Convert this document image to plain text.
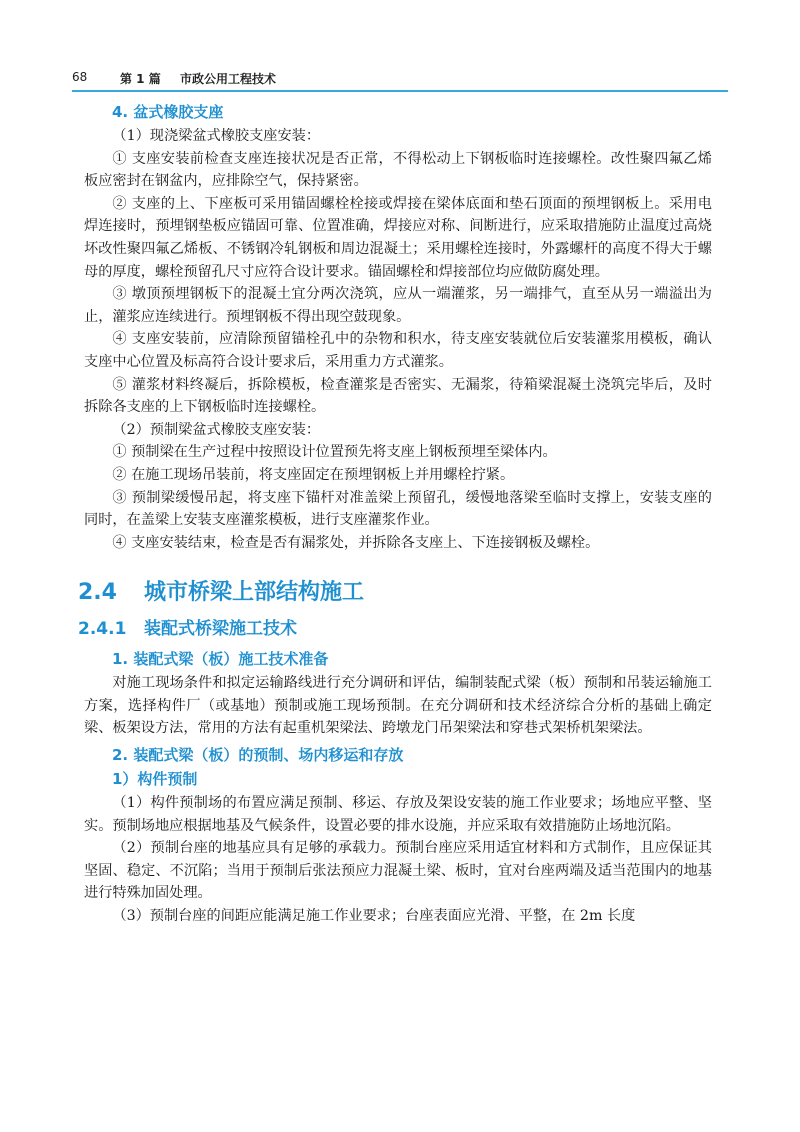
68	第 1 篇 市政公用工程技术
4. 盆式橡胶支座

（1）现浇梁盆式橡胶支座安装：

① 支座安装前检查支座连接状况是否正常，不得松动上下钢板临时连接螺栓。改性聚四氟乙烯板应密封在钢盆内，应排除空气，保持紧密。

② 支座的上、下座板可采用锚固螺栓栓接或焊接在梁体底面和垫石顶面的预埋钢板上。采用电焊连接时，预埋钢垫板应锚固可靠、位置准确，焊接应对称、间断进行，应采取措施防止温度过高烧坏改性聚四氟乙烯板、不锈钢冷轧钢板和周边混凝土；采用螺栓连接时，外露螺杆的高度不得大于螺母的厚度，螺栓预留孔尺寸应符合设计要求。锚固螺栓和焊接部位均应做防腐处理。

③ 墩顶预埋钢板下的混凝土宜分两次浇筑，应从一端灌浆，另一端排气，直至从另一端溢出为止，灌浆应连续进行。预埋钢板不得出现空鼓现象。

④ 支座安装前，应清除预留锚栓孔中的杂物和积水，待支座安装就位后安装灌浆用模板，确认支座中心位置及标高符合设计要求后，采用重力方式灌浆。

⑤ 灌浆材料终凝后，拆除模板，检查灌浆是否密实、无漏浆，待箱梁混凝土浇筑完毕后，及时拆除各支座的上下钢板临时连接螺栓。

（2）预制梁盆式橡胶支座安装：

① 预制梁在生产过程中按照设计位置预先将支座上钢板预埋至梁体内。

② 在施工现场吊装前，将支座固定在预埋钢板上并用螺栓拧紧。

③ 预制梁缓慢吊起，将支座下锚杆对准盖梁上预留孔，缓慢地落梁至临时支撑上，安装支座的同时，在盖梁上安装支座灌浆模板，进行支座灌浆作业。

④ 支座安装结束，检查是否有漏浆处，并拆除各支座上、下连接钢板及螺栓。

2.4 城市桥梁上部结构施工
2.4.1 装配式桥梁施工技术
1. 装配式梁（板）施工技术准备

对施工现场条件和拟定运输路线进行充分调研和评估，编制装配式梁（板）预制和吊装运输施工方案，选择构件厂（或基地）预制或施工现场预制。在充分调研和技术经济综合分析的基础上确定梁、板架设方法，常用的方法有起重机架梁法、跨墩龙门吊架梁法和穿巷式架桥机架梁法。

2. 装配式梁（板）的预制、场内移运和存放
1）构件预制

（1）构件预制场的布置应满足预制、移运、存放及架设安装的施工作业要求；场地应平整、坚实。预制场地应根据地基及气候条件，设置必要的排水设施，并应采取有效措施防止场地沉陷。

（2）预制台座的地基应具有足够的承载力。预制台座应采用适宜材料和方式制作，且应保证其坚固、稳定、不沉陷；当用于预制后张法预应力混凝土梁、板时，宜对台座两端及适当范围内的地基进行特殊加固处理。

（3）预制台座的间距应能满足施工作业要求；台座表面应光滑、平整，在 2m 长度
